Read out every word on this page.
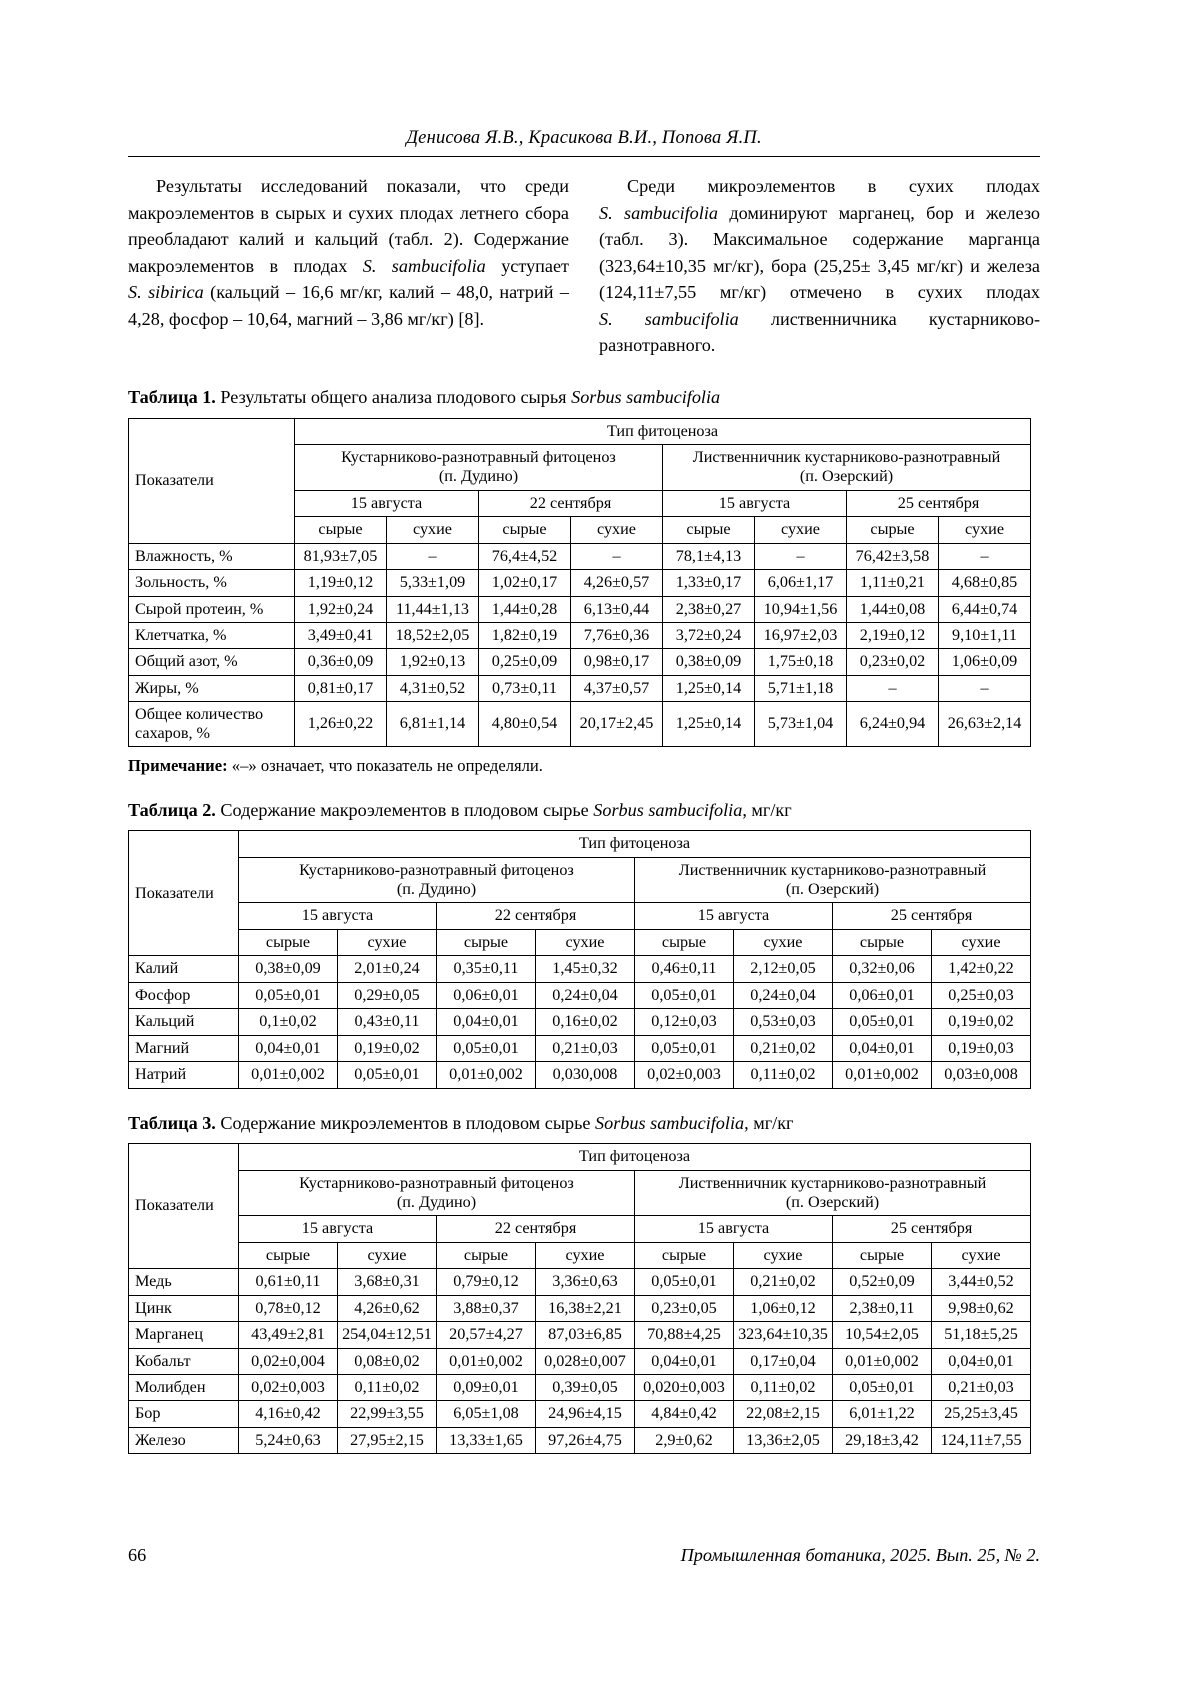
Денисова Я.В., Красикова В.И., Попова Я.П.

Результаты исследований показали, что среди макроэлементов в сырых и сухих плодах летнего сбора преобладают калий и кальций (табл. 2). Содержание макроэлементов в плодах S. sambucifolia уступает S. sibirica (кальций – 16,6 мг/кг, калий – 48,0, натрий – 4,28, фосфор – 10,64, магний – 3,86 мг/кг) [8].

Среди микроэлементов в сухих плодах S. sambucifolia доминируют марганец, бор и железо (табл. 3). Максимальное содержание марганца (323,64±10,35 мг/кг), бора (25,25± 3,45 мг/кг) и железа (124,11±7,55 мг/кг) отмечено в сухих плодах S. sambucifolia лиственничника кустарниково-разнотравного.

Таблица 1. Результаты общего анализа плодового сырья Sorbus sambucifolia
Показатели	Тип фитоценоза							
	Кустарниково-разнотравный фитоценоз
(п. Дудино)				Лиственничник кустарниково-разнотравный
(п. Озерский)			
	15 августа		22 сентября		15 августа		25 сентября	
	сырые	сухие	сырые	сухие	сырые	сухие	сырые	сухие
Влажность, %	81,93±7,05	–	76,4±4,52	–	78,1±4,13	–	76,42±3,58	–
Зольность, %	1,19±0,12	5,33±1,09	1,02±0,17	4,26±0,57	1,33±0,17	6,06±1,17	1,11±0,21	4,68±0,85
Сырой протеин, %	1,92±0,24	11,44±1,13	1,44±0,28	6,13±0,44	2,38±0,27	10,94±1,56	1,44±0,08	6,44±0,74
Клетчатка, %	3,49±0,41	18,52±2,05	1,82±0,19	7,76±0,36	3,72±0,24	16,97±2,03	2,19±0,12	9,10±1,11
Общий азот, %	0,36±0,09	1,92±0,13	0,25±0,09	0,98±0,17	0,38±0,09	1,75±0,18	0,23±0,02	1,06±0,09
Жиры, %	0,81±0,17	4,31±0,52	0,73±0,11	4,37±0,57	1,25±0,14	5,71±1,18	–	–
Общее количество сахаров, %	1,26±0,22	6,81±1,14	4,80±0,54	20,17±2,45	1,25±0,14	5,73±1,04	6,24±0,94	26,63±2,14
Примечание: «–» означает, что показатель не определяли.
Таблица 2. Содержание макроэлементов в плодовом сырье Sorbus sambucifolia, мг/кг
Показатели	Тип фитоценоза							
	Кустарниково-разнотравный фитоценоз
(п. Дудино)				Лиственничник кустарниково-разнотравный
(п. Озерский)			
	15 августа		22 сентября		15 августа		25 сентября	
	сырые	сухие	сырые	сухие	сырые	сухие	сырые	сухие
Калий	0,38±0,09	2,01±0,24	0,35±0,11	1,45±0,32	0,46±0,11	2,12±0,05	0,32±0,06	1,42±0,22
Фосфор	0,05±0,01	0,29±0,05	0,06±0,01	0,24±0,04	0,05±0,01	0,24±0,04	0,06±0,01	0,25±0,03
Кальций	0,1±0,02	0,43±0,11	0,04±0,01	0,16±0,02	0,12±0,03	0,53±0,03	0,05±0,01	0,19±0,02
Магний	0,04±0,01	0,19±0,02	0,05±0,01	0,21±0,03	0,05±0,01	0,21±0,02	0,04±0,01	0,19±0,03
Натрий	0,01±0,002	0,05±0,01	0,01±0,002	0,030,008	0,02±0,003	0,11±0,02	0,01±0,002	0,03±0,008
Таблица 3. Содержание микроэлементов в плодовом сырье Sorbus sambucifolia, мг/кг
Показатели	Тип фитоценоза							
	Кустарниково-разнотравный фитоценоз
(п. Дудино)				Лиственничник кустарниково-разнотравный
(п. Озерский)			
	15 августа		22 сентября		15 августа		25 сентября	
	сырые	сухие	сырые	сухие	сырые	сухие	сырые	сухие
Медь	0,61±0,11	3,68±0,31	0,79±0,12	3,36±0,63	0,05±0,01	0,21±0,02	0,52±0,09	3,44±0,52
Цинк	0,78±0,12	4,26±0,62	3,88±0,37	16,38±2,21	0,23±0,05	1,06±0,12	2,38±0,11	9,98±0,62
Марганец	43,49±2,81	254,04±12,51	20,57±4,27	87,03±6,85	70,88±4,25	323,64±10,35	10,54±2,05	51,18±5,25
Кобальт	0,02±0,004	0,08±0,02	0,01±0,002	0,028±0,007	0,04±0,01	0,17±0,04	0,01±0,002	0,04±0,01
Молибден	0,02±0,003	0,11±0,02	0,09±0,01	0,39±0,05	0,020±0,003	0,11±0,02	0,05±0,01	0,21±0,03
Бор	4,16±0,42	22,99±3,55	6,05±1,08	24,96±4,15	4,84±0,42	22,08±2,15	6,01±1,22	25,25±3,45
Железо	5,24±0,63	27,95±2,15	13,33±1,65	97,26±4,75	2,9±0,62	13,36±2,05	29,18±3,42	124,11±7,55
66	Промышленная ботаника, 2025. Вып. 25, № 2.
